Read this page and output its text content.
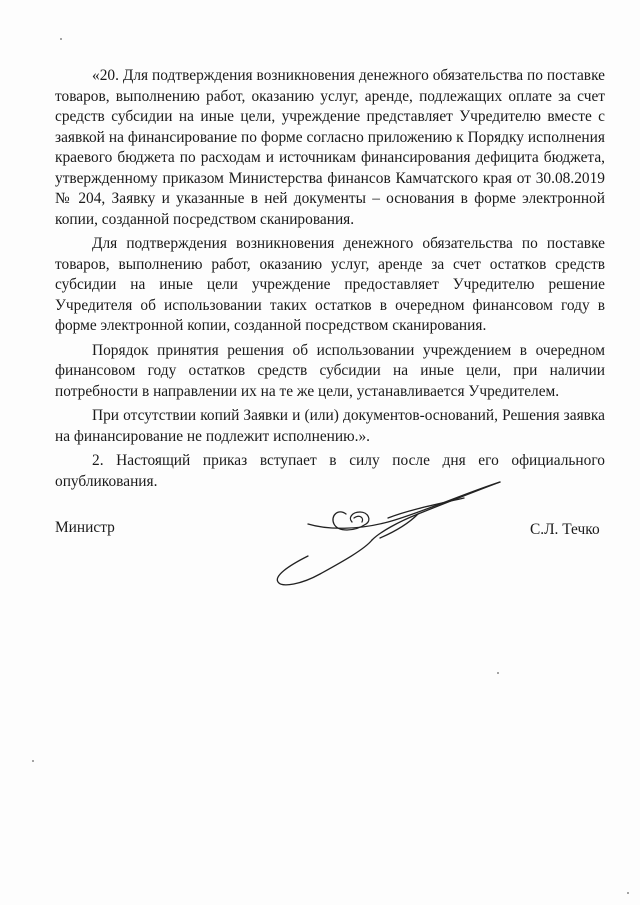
«20. Для подтверждения возникновения денежного обязательства по поставке товаров, выполнению работ, оказанию услуг, аренде, подлежащих оплате за счет средств субсидии на иные цели, учреждение представляет Учредителю вместе с заявкой на финансирование по форме согласно приложению к Порядку исполнения краевого бюджета по расходам и источникам финансирования дефицита бюджета, утвержденному приказом Министерства финансов Камчатского края от 30.08.2019 № 204, Заявку и указанные в ней документы – основания в форме электронной копии, созданной посредством сканирования.

Для подтверждения возникновения денежного обязательства по поставке товаров, выполнению работ, оказанию услуг, аренде за счет остатков средств субсидии на иные цели учреждение предоставляет Учредителю решение Учредителя об использовании таких остатков в очередном финансовом году в форме электронной копии, созданной посредством сканирования.

Порядок принятия решения об использовании учреждением в очередном финансовом году остатков средств субсидии на иные цели, при наличии потребности в направлении их на те же цели, устанавливается Учредителем.

При отсутствии копий Заявки и (или) документов-оснований, Решения заявка на финансирование не подлежит исполнению.».

2. Настоящий приказ вступает в силу после дня его официального опубликования.

Министр	С.Л. Течко
